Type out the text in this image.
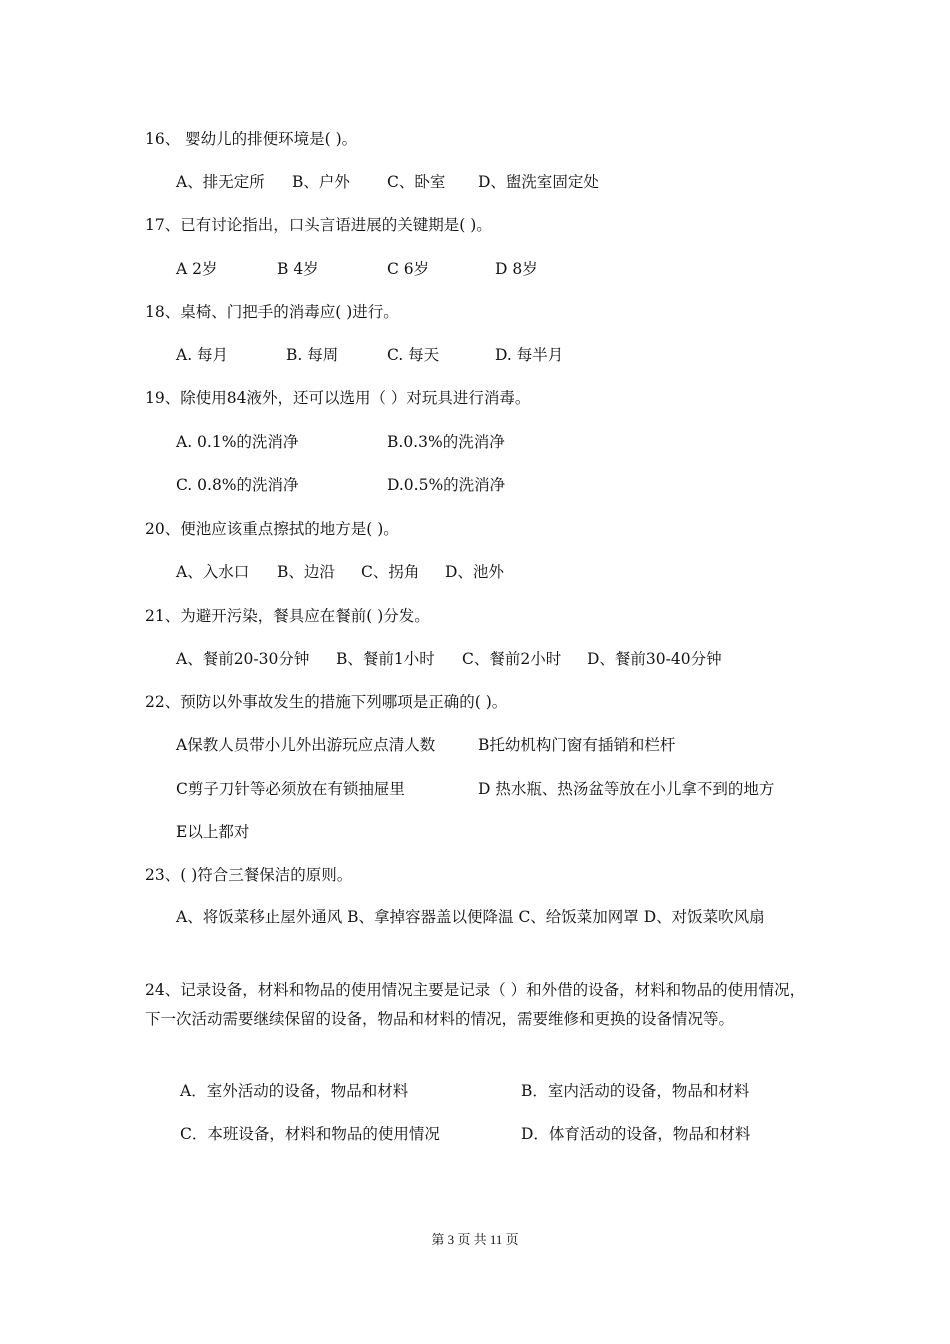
16、 婴幼儿的排便环境是( )。
A、排无定所 B、户外 C、卧室 D、盥洗室固定处
17、已有讨论指出，口头言语进展的关键期是( )。
A 2岁	B 4岁	C 6岁	D 8岁
18、桌椅、门把手的消毒应( )进行。
A. 每月	B. 每周	C. 每天	D. 每半月
19、除使用84液外，还可以选用（ ）对玩具进行消毒。
A. 0.1%的洗消净	B.0.3%的洗消净
C. 0.8%的洗消净	D.0.5%的洗消净
20、便池应该重点擦拭的地方是( )。
A、入水口 B、边沿 C、拐角 D、池外
21、为避开污染，餐具应在餐前( )分发。
A、餐前20-30分钟 B、餐前1小时 C、餐前2小时 D、餐前30-40分钟
22、预防以外事故发生的措施下列哪项是正确的( )。
A保教人员带小儿外出游玩应点清人数	B托幼机构门窗有插销和栏杆
C剪子刀针等必须放在有锁抽屉里	D 热水瓶、热汤盆等放在小儿拿不到的地方
E以上都对
23、( )符合三餐保洁的原则。
A、将饭菜移止屋外通风 B、拿掉容器盖以便降温 C、给饭菜加网罩 D、对饭菜吹风扇
24、记录设备，材料和物品的使用情况主要是记录（ ）和外借的设备，材料和物品的使用情况，下一次活动需要继续保留的设备，物品和材料的情况，需要维修和更换的设备情况等。
A．室外活动的设备，物品和材料	B．室内活动的设备，物品和材料
C．本班设备，材料和物品的使用情况	D．体育活动的设备，物品和材料
第 3 页 共 11 页
